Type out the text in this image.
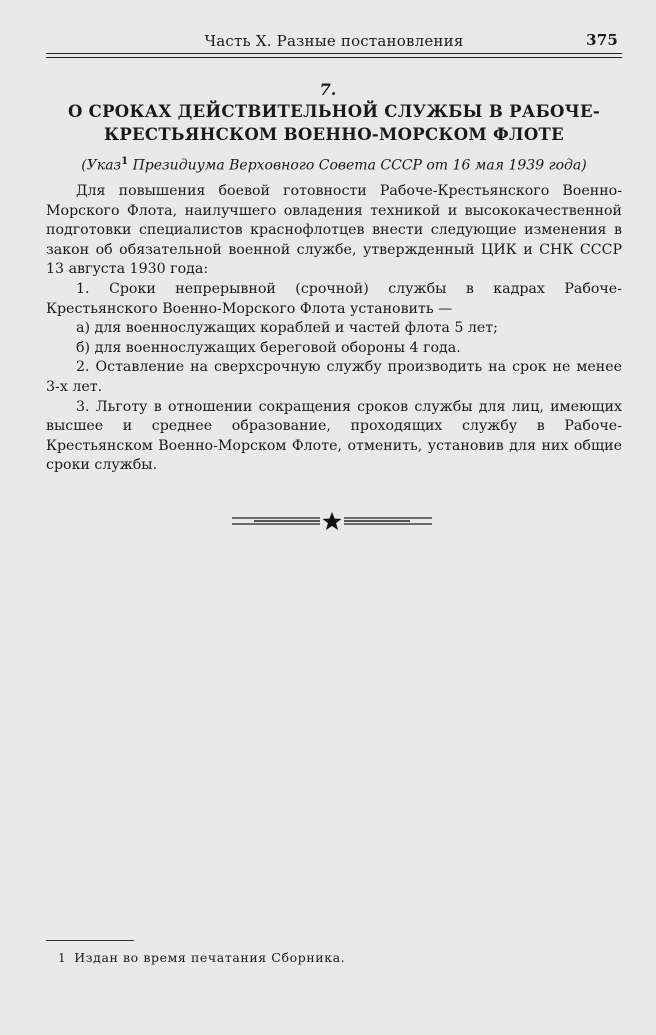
Часть X. Разные постановления	375
7.
О СРОКАХ ДЕЙСТВИТЕЛЬНОЙ СЛУЖБЫ В РАБОЧЕ-
КРЕСТЬЯНСКОМ ВОЕННО-МОРСКОМ ФЛОТЕ
(Указ$^1$ Президиума Верховного Совета СССР от 16 мая 1939 года)

Для повышения боевой готовности Рабоче-Крестьянского Военно-Морского Флота, наилучшего овладения техникой и высококачественной подготовки специалистов краснофлотцев внести следующие изменения в закон об обязательной военной службе, утвержденный ЦИК и СНК СССР 13 августа 1930 года:

1. Сроки непрерывной (срочной) службы в кадрах Рабоче-Крестьянского Военно-Морского Флота установить —

а) для военнослужащих кораблей и частей флота 5 лет;

б) для военнослужащих береговой обороны 4 года.

2. Оставление на сверхсрочную службу производить на срок не менее 3-х лет.

3. Льготу в отношении сокращения сроков службы для лиц, имеющих высшее и среднее образование, проходящих службу в Рабоче-Крестьянском Военно-Морском Флоте, отменить, установив для них общие сроки службы.

1 Издан во время печатания Сборника.
